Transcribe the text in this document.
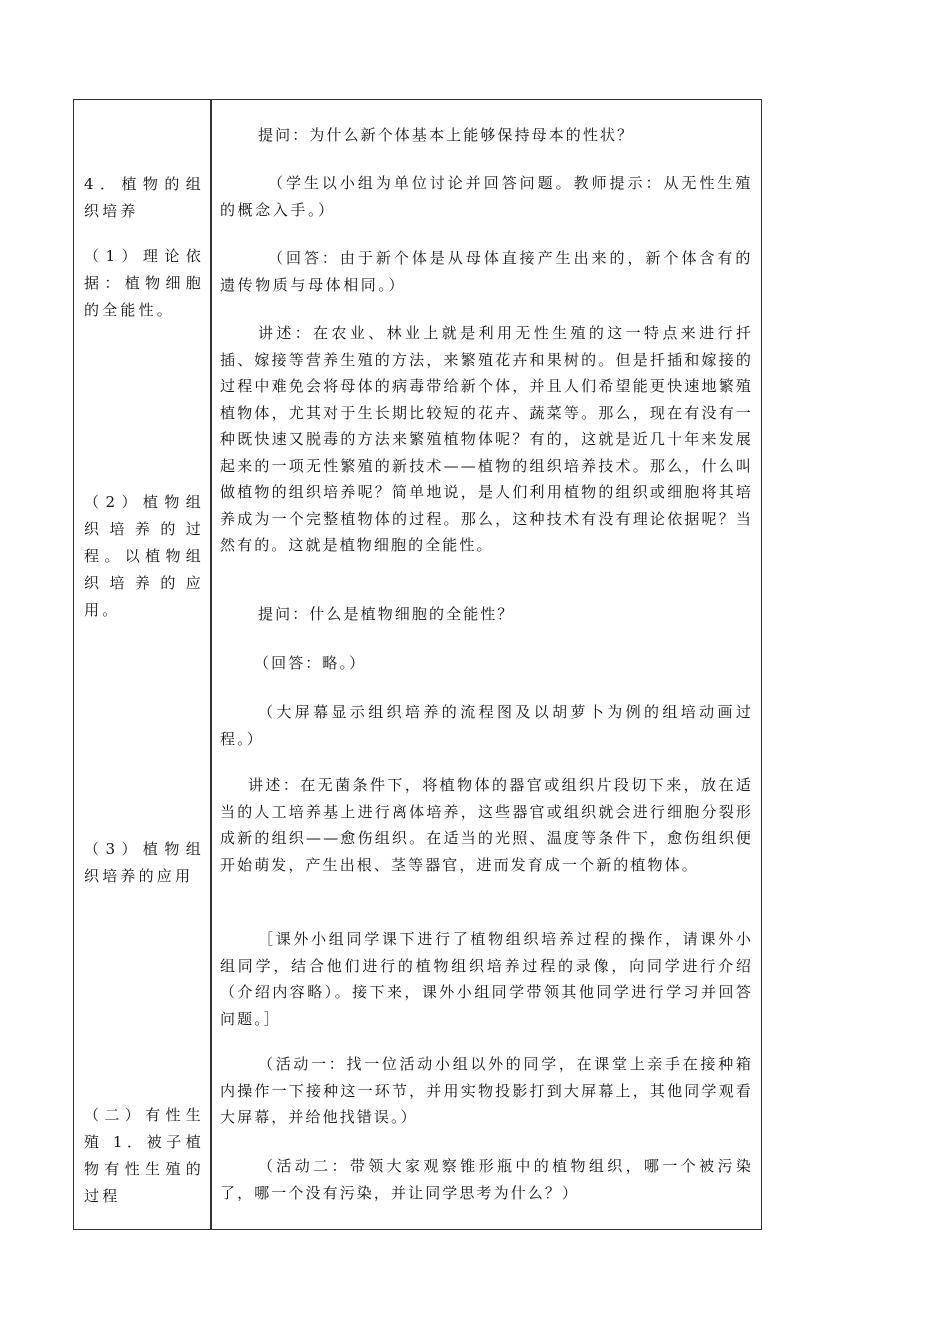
4．植物的组织培养
（1）理论依据：植物细胞的全能性。
（2）植物组织培养的过程。以植物组织培养的应用。
（3）植物组织培养的应用
（二）有性生殖 1．被子植物有性生殖的过程
提问：为什么新个体基本上能够保持母本的性状？
（学生以小组为单位讨论并回答问题。教师提示：从无性生殖的概念入手。）
（回答：由于新个体是从母体直接产生出来的，新个体含有的遗传物质与母体相同。）
讲述：在农业、林业上就是利用无性生殖的这一特点来进行扦插、嫁接等营养生殖的方法，来繁殖花卉和果树的。但是扦插和嫁接的过程中难免会将母体的病毒带给新个体，并且人们希望能更快速地繁殖植物体，尤其对于生长期比较短的花卉、蔬菜等。那么，现在有没有一种既快速又脱毒的方法来繁殖植物体呢？有的，这就是近几十年来发展起来的一项无性繁殖的新技术——植物的组织培养技术。那么，什么叫做植物的组织培养呢？简单地说，是人们利用植物的组织或细胞将其培养成为一个完整植物体的过程。那么，这种技术有没有理论依据呢？当然有的。这就是植物细胞的全能性。
提问：什么是植物细胞的全能性？
（回答：略。）
（大屏幕显示组织培养的流程图及以胡萝卜为例的组培动画过程。）
讲述：在无菌条件下，将植物体的器官或组织片段切下来，放在适当的人工培养基上进行离体培养，这些器官或组织就会进行细胞分裂形成新的组织——愈伤组织。在适当的光照、温度等条件下，愈伤组织便开始萌发，产生出根、茎等器官，进而发育成一个新的植物体。
［课外小组同学课下进行了植物组织培养过程的操作，请课外小组同学，结合他们进行的植物组织培养过程的录像，向同学进行介绍（介绍内容略）。接下来，课外小组同学带领其他同学进行学习并回答问题。］
（活动一：找一位活动小组以外的同学，在课堂上亲手在接种箱内操作一下接种这一环节，并用实物投影打到大屏幕上，其他同学观看大屏幕，并给他找错误。）
（活动二：带领大家观察锥形瓶中的植物组织，哪一个被污染了，哪一个没有污染，并让同学思考为什么？）
